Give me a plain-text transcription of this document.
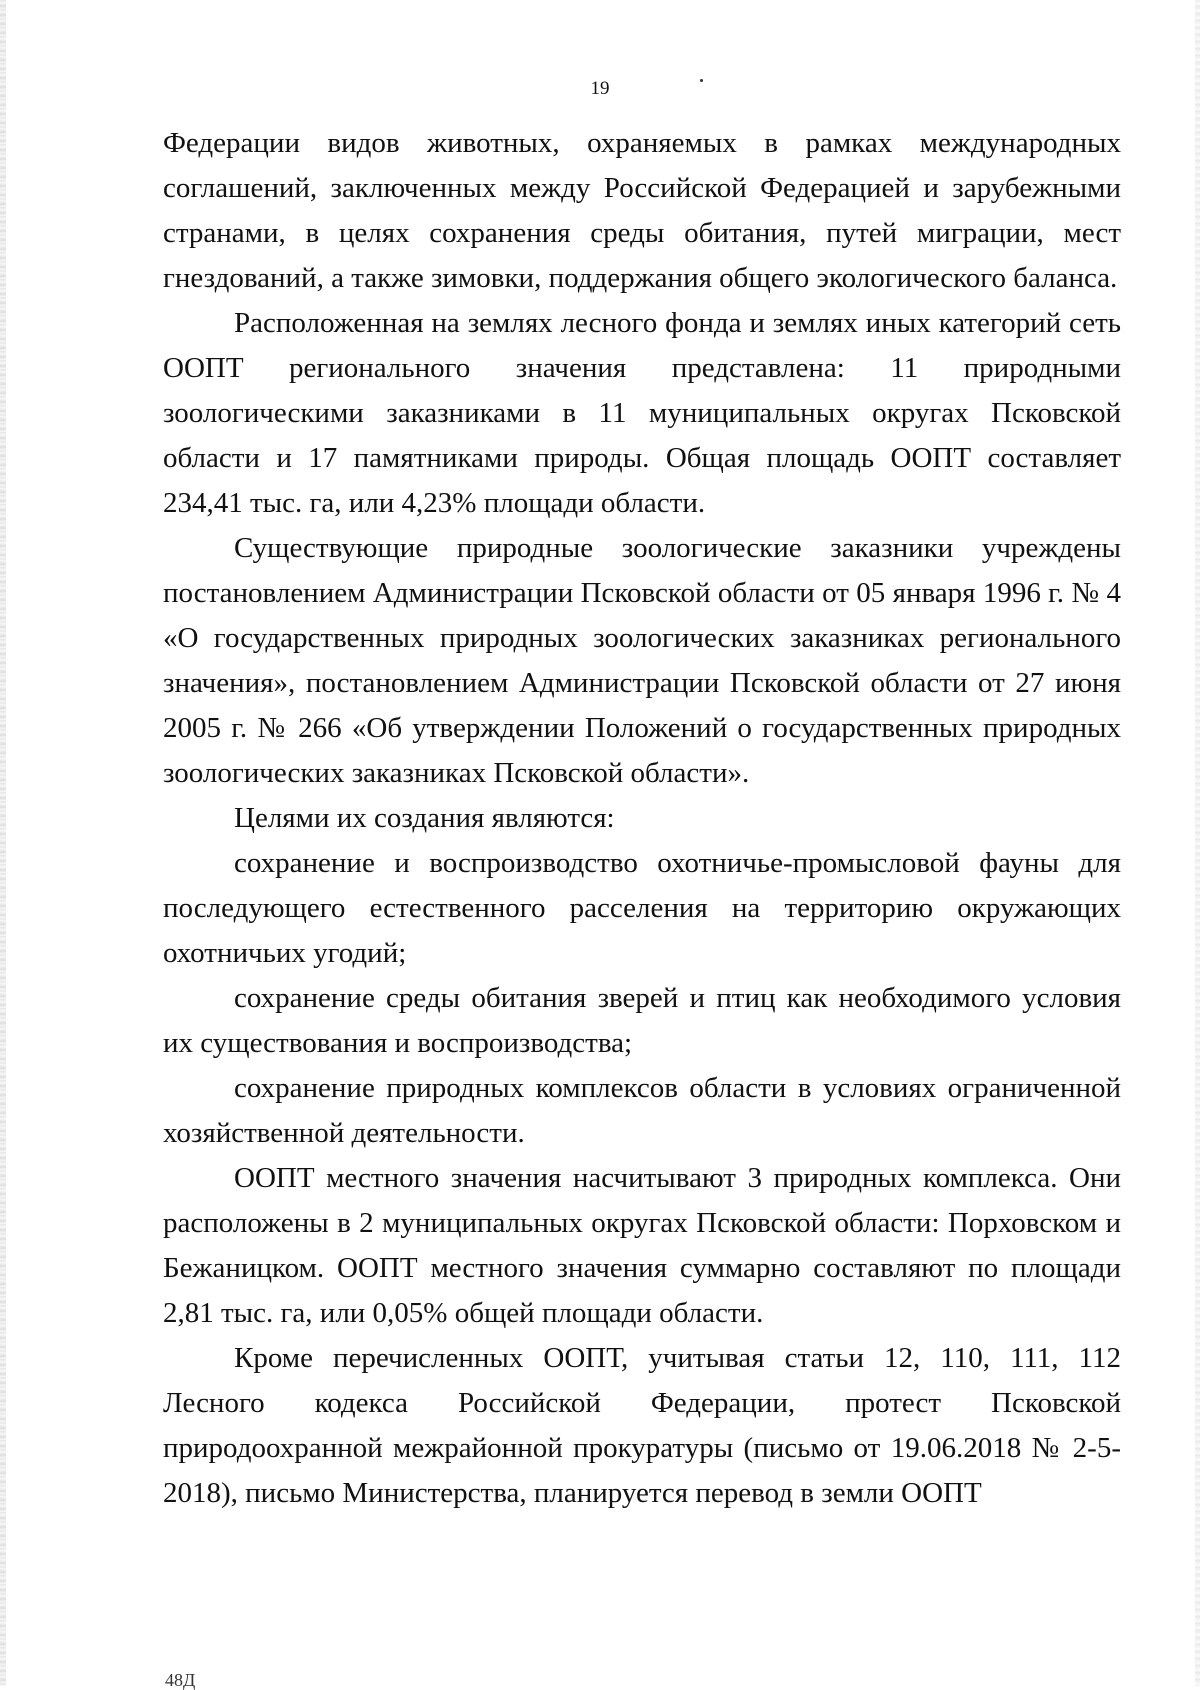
19

Федерации видов животных, охраняемых в рамках международных соглашений, заключенных между Российской Федерацией и зарубежными странами, в целях сохранения среды обитания, путей миграции, мест гнездований, а также зимовки, поддержания общего экологического баланса.

Расположенная на землях лесного фонда и землях иных категорий сеть ООПТ регионального значения представлена: 11 природными зоологическими заказниками в 11 муниципальных округах Псковской области и 17 памятниками природы. Общая площадь ООПТ составляет 234,41 тыс. га, или 4,23% площади области.

Существующие природные зоологические заказники учреждены постановлением Администрации Псковской области от 05 января 1996 г. № 4 «О государственных природных зоологических заказниках регионального значения», постановлением Администрации Псковской области от 27 июня 2005 г. № 266 «Об утверждении Положений о государственных природных зоологических заказниках Псковской области».

Целями их создания являются:

сохранение и воспроизводство охотничье-промысловой фауны для последующего естественного расселения на территорию окружающих охотничьих угодий;

сохранение среды обитания зверей и птиц как необходимого условия их существования и воспроизводства;

сохранение природных комплексов области в условиях ограниченной хозяйственной деятельности.

ООПТ местного значения насчитывают 3 природных комплекса. Они расположены в 2 муниципальных округах Псковской области: Порховском и Бежаницком. ООПТ местного значения суммарно составляют по площади 2,81 тыс. га, или 0,05% общей площади области.

Кроме перечисленных ООПТ, учитывая статьи 12, 110, 111, 112 Лесного кодекса Российской Федерации, протест Псковской природоохранной межрайонной прокуратуры (письмо от 19.06.2018 № 2-5-2018), письмо Министерства, планируется перевод в земли ООПТ

48Д
